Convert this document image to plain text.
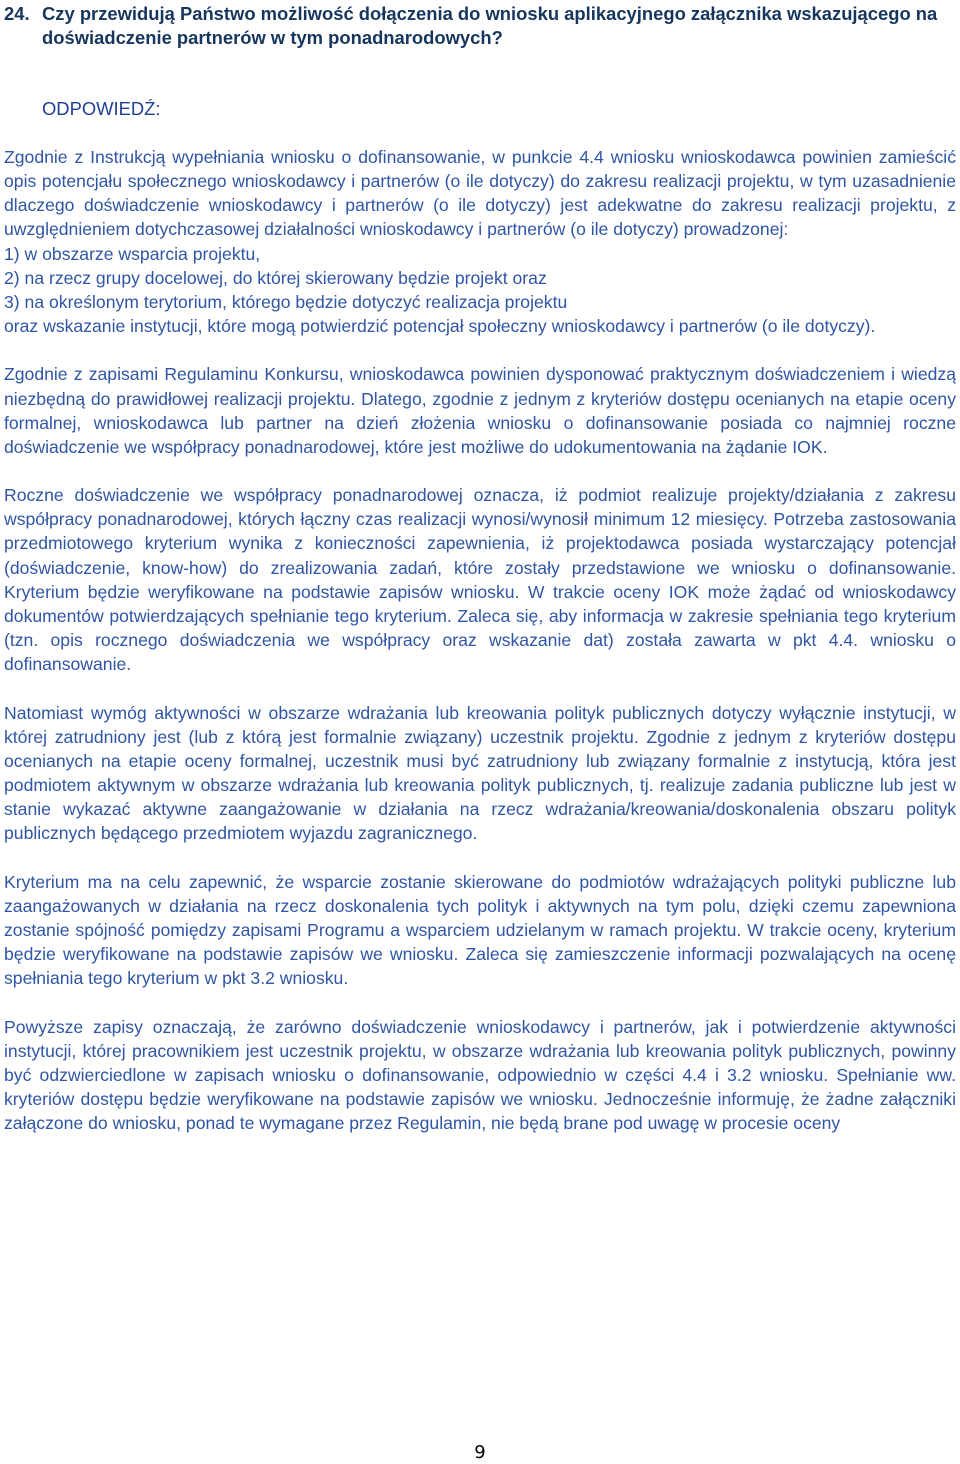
24. Czy przewidują Państwo możliwość dołączenia do wniosku aplikacyjnego załącznika wskazującego na doświadczenie partnerów w tym ponadnarodowych?
ODPOWIEDŹ:

Zgodnie z Instrukcją wypełniania wniosku o dofinansowanie, w punkcie 4.4 wniosku wnioskodawca powinien zamieścić opis potencjału społecznego wnioskodawcy i partnerów (o ile dotyczy) do zakresu realizacji projektu, w tym uzasadnienie dlaczego doświadczenie wnioskodawcy i partnerów (o ile dotyczy) jest adekwatne do zakresu realizacji projektu, z uwzględnieniem dotychczasowej działalności wnioskodawcy i partnerów (o ile dotyczy) prowadzonej:
1) w obszarze wsparcia projektu,
2) na rzecz grupy docelowej, do której skierowany będzie projekt oraz
3) na określonym terytorium, którego będzie dotyczyć realizacja projektu
oraz wskazanie instytucji, które mogą potwierdzić potencjał społeczny wnioskodawcy i partnerów (o ile dotyczy).

Zgodnie z zapisami Regulaminu Konkursu, wnioskodawca powinien dysponować praktycznym doświadczeniem i wiedzą niezbędną do prawidłowej realizacji projektu. Dlatego, zgodnie z jednym z kryteriów dostępu ocenianych na etapie oceny formalnej, wnioskodawca lub partner na dzień złożenia wniosku o dofinansowanie posiada co najmniej roczne doświadczenie we współpracy ponadnarodowej, które jest możliwe do udokumentowania na żądanie IOK.

Roczne doświadczenie we współpracy ponadnarodowej oznacza, iż podmiot realizuje projekty/działania z zakresu współpracy ponadnarodowej, których łączny czas realizacji wynosi/wynosił minimum 12 miesięcy. Potrzeba zastosowania przedmiotowego kryterium wynika z konieczności zapewnienia, iż projektodawca posiada wystarczający potencjał (doświadczenie, know-how) do zrealizowania zadań, które zostały przedstawione we wniosku o dofinansowanie. Kryterium będzie weryfikowane na podstawie zapisów wniosku. W trakcie oceny IOK może żądać od wnioskodawcy dokumentów potwierdzających spełnianie tego kryterium. Zaleca się, aby informacja w zakresie spełniania tego kryterium (tzn. opis rocznego doświadczenia we współpracy oraz wskazanie dat) została zawarta w pkt 4.4. wniosku o dofinansowanie.

Natomiast wymóg aktywności w obszarze wdrażania lub kreowania polityk publicznych dotyczy wyłącznie instytucji, w której zatrudniony jest (lub z którą jest formalnie związany) uczestnik projektu. Zgodnie z jednym z kryteriów dostępu ocenianych na etapie oceny formalnej, uczestnik musi być zatrudniony lub związany formalnie z instytucją, która jest podmiotem aktywnym w obszarze wdrażania lub kreowania polityk publicznych, tj. realizuje zadania publiczne lub jest w stanie wykazać aktywne zaangażowanie w działania na rzecz wdrażania/kreowania/doskonalenia obszaru polityk publicznych będącego przedmiotem wyjazdu zagranicznego.

Kryterium ma na celu zapewnić, że wsparcie zostanie skierowane do podmiotów wdrażających polityki publiczne lub zaangażowanych w działania na rzecz doskonalenia tych polityk i aktywnych na tym polu, dzięki czemu zapewniona zostanie spójność pomiędzy zapisami Programu a wsparciem udzielanym w ramach projektu. W trakcie oceny, kryterium będzie weryfikowane na podstawie zapisów we wniosku. Zaleca się zamieszczenie informacji pozwalających na ocenę spełniania tego kryterium w pkt 3.2 wniosku.

Powyższe zapisy oznaczają, że zarówno doświadczenie wnioskodawcy i partnerów, jak i potwierdzenie aktywności instytucji, której pracownikiem jest uczestnik projektu, w obszarze wdrażania lub kreowania polityk publicznych, powinny być odzwierciedlone w zapisach wniosku o dofinansowanie, odpowiednio w części 4.4 i 3.2 wniosku. Spełnianie ww. kryteriów dostępu będzie weryfikowane na podstawie zapisów we wniosku. Jednocześnie informuję, że żadne załączniki załączone do wniosku, ponad te wymagane przez Regulamin, nie będą brane pod uwagę w procesie oceny

9
